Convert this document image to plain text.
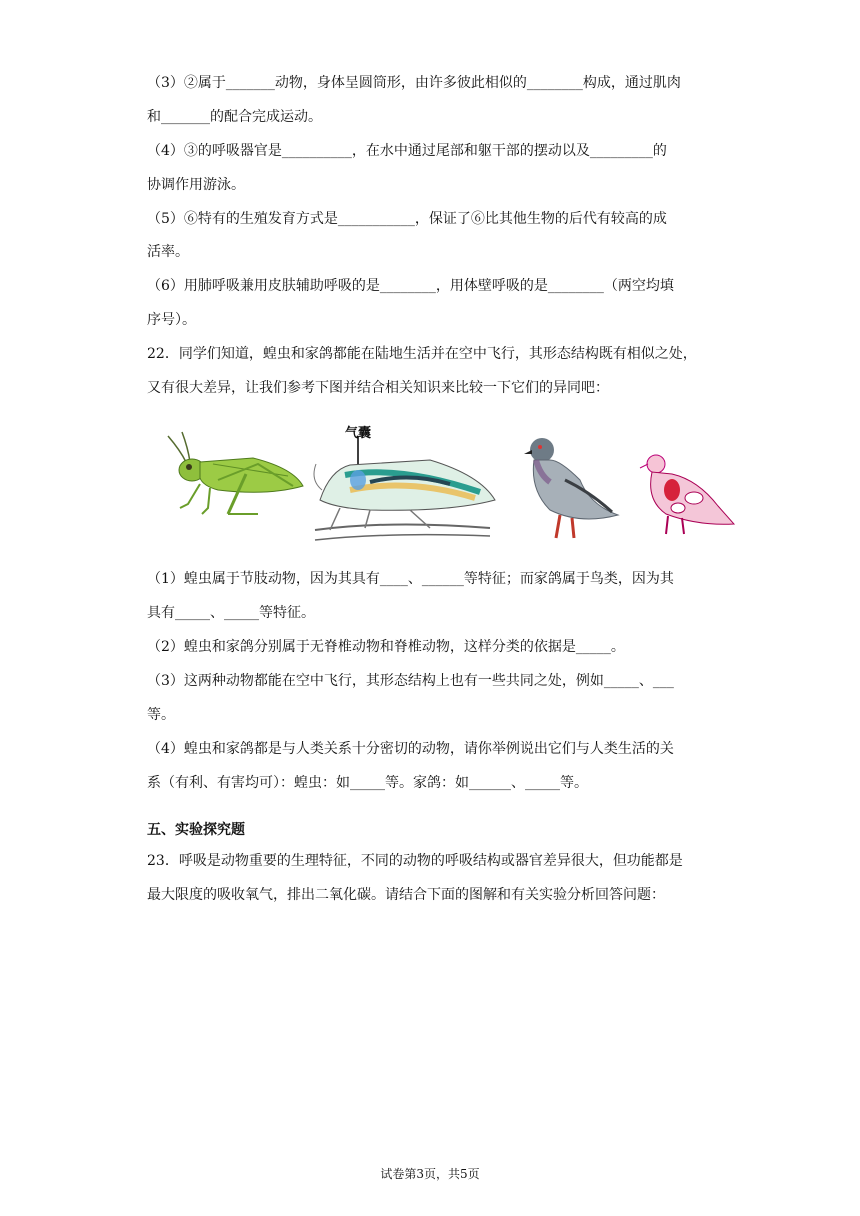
（3）②属于_______动物，身体呈圆筒形，由许多彼此相似的________构成，通过肌肉
和_______的配合完成运动。
（4）③的呼吸器官是__________，在水中通过尾部和躯干部的摆动以及_________的
协调作用游泳。
（5）⑥特有的生殖发育方式是___________，保证了⑥比其他生物的后代有较高的成
活率。
（6）用肺呼吸兼用皮肤辅助呼吸的是________，用体壁呼吸的是________（两空均填
序号）。
22．同学们知道，蝗虫和家鸽都能在陆地生活并在空中飞行，其形态结构既有相似之处，
又有很大差异，让我们参考下图并结合相关知识来比较一下它们的异同吧：
气囊
（1）蝗虫属于节肢动物，因为其具有____、______等特征；而家鸽属于鸟类，因为其
具有_____、_____等特征。
（2）蝗虫和家鸽分别属于无脊椎动物和脊椎动物，这样分类的依据是_____。
（3）这两种动物都能在空中飞行，其形态结构上也有一些共同之处，例如_____、___
等。
（4）蝗虫和家鸽都是与人类关系十分密切的动物，请你举例说出它们与人类生活的关
系（有利、有害均可）：蝗虫：如_____等。家鸽：如______、_____等。
五、实验探究题
23．呼吸是动物重要的生理特征，不同的动物的呼吸结构或器官差异很大，但功能都是
最大限度的吸收氧气，排出二氧化碳。请结合下面的图解和有关实验分析回答问题：
试卷第3页，共5页
